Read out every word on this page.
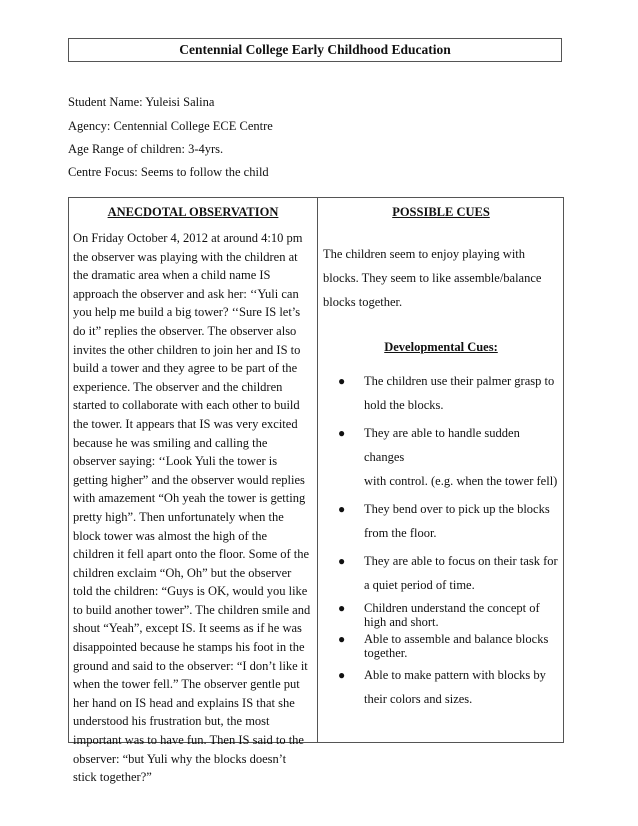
Centennial College Early Childhood Education
Student Name: Yuleisi Salina
Agency: Centennial College ECE Centre
Age Range of children: 3-4yrs.
Centre Focus: Seems to follow the child
ANECDOTAL OBSERVATION
On Friday October 4, 2012 at around 4:10 pm
the observer was playing with the children at
the dramatic area when a child name IS
approach the observer and ask her: ‘‘Yuli can
you help me build a big tower? ‘‘Sure IS let’s
do it” replies the observer. The observer also
invites the other children to join her and IS to
build a tower and they agree to be part of the
experience. The observer and the children
started to collaborate with each other to build
the tower. It appears that IS was very excited
because he was smiling and calling the
observer saying: ‘‘Look Yuli the tower is
getting higher” and the observer would replies
with amazement “Oh yeah the tower is getting
pretty high”. Then unfortunately when the
block tower was almost the high of the
children it fell apart onto the floor. Some of the
children exclaim “Oh, Oh” but the observer
told the children: “Guys is OK, would you like
to build another tower”. The children smile and
shout “Yeah”, except IS. It seems as if he was
disappointed because he stamps his foot in the
ground and said to the observer: “I don’t like it
when the tower fell.” The observer gentle put
her hand on IS head and explains IS that she
understood his frustration but, the most
important was to have fun. Then IS said to the
observer: “but Yuli why the blocks doesn’t
stick together?”
POSSIBLE CUES
The children seem to enjoy playing with
blocks. They seem to like assemble/balance
blocks together.
Developmental Cues:
● The children use their palmer grasp to
hold the blocks.
● They are able to handle sudden changes
with control. (e.g. when the tower fell)
● They bend over to pick up the blocks
from the floor.
● They are able to focus on their task for
a quiet period of time.
● Children understand the concept of
high and short.
● Able to assemble and balance blocks
together.
● Able to make pattern with blocks by
their colors and sizes.
